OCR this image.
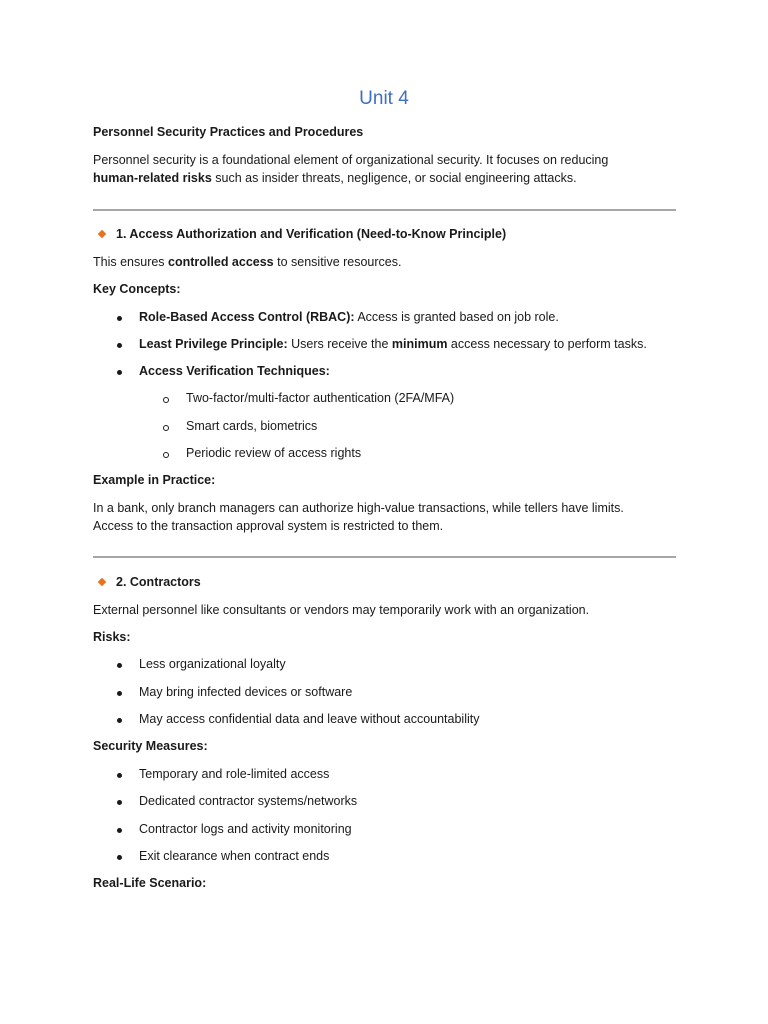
Unit 4
Personnel Security Practices and Procedures
Personnel security is a foundational element of organizational security. It focuses on reducing
human-related risks such as insider threats, negligence, or social engineering attacks.
1. Access Authorization and Verification (Need-to-Know Principle)
This ensures controlled access to sensitive resources.
Key Concepts:
Role-Based Access Control (RBAC): Access is granted based on job role.
Least Privilege Principle: Users receive the minimum access necessary to perform tasks.
Access Verification Techniques:
Two-factor/multi-factor authentication (2FA/MFA)
Smart cards, biometrics
Periodic review of access rights
Example in Practice:
In a bank, only branch managers can authorize high-value transactions, while tellers have limits.
Access to the transaction approval system is restricted to them.
2. Contractors
External personnel like consultants or vendors may temporarily work with an organization.
Risks:
Less organizational loyalty
May bring infected devices or software
May access confidential data and leave without accountability
Security Measures:
Temporary and role-limited access
Dedicated contractor systems/networks
Contractor logs and activity monitoring
Exit clearance when contract ends
Real-Life Scenario:
